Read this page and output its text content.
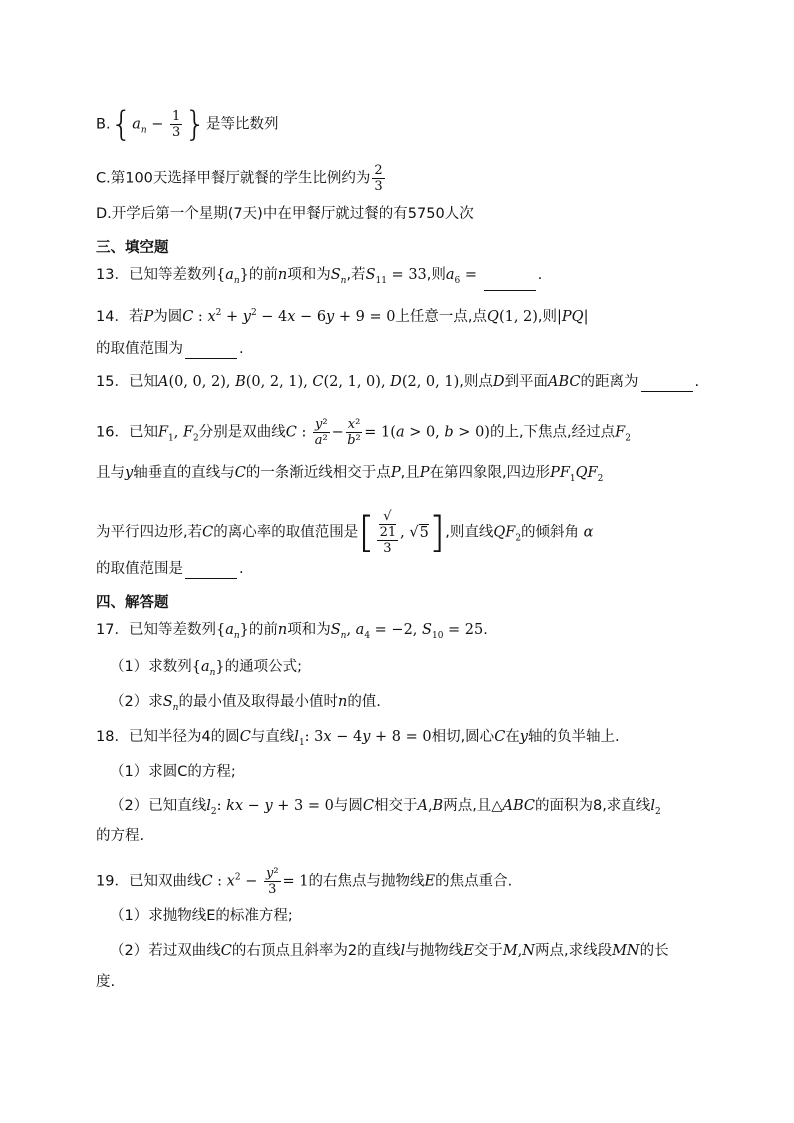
$B.\{a_n - \frac{1}{3}$ }是等比数列
C.第100天选择甲餐厅就餐的学生比例约为 $\frac{2}{3}$
D.开学后第一个星期(7天)中在甲餐厅就过餐的有5750人次
三、填空题
13．已知等差数列$\{a_n\}$的前n项和为$S_n$,若$S_{11} = 33$,则$a_6$ =	.
14．若P为圆C : $x^2 + y^2 - 4x - 6y + 9 = 0$上任意一点,点Q(1, 2),则|PQ|
的取值范围为	.
15．已知A(0, 0, 2), B(0, 2, 1), C(2, 1, 0), D(2, 0, 1),则点D到平面ABC的距离为	.
16．已知$F_1$, $F_2$分别是双曲线C : $\frac{\text{y²}}{\text{a²}} - \frac{\text{x²}}{\text{b²}} = 1(a > 0$, b > 0)的上,下焦点,经过点$F_2$
且与y轴垂直的直线与C的一条渐近线相交于点P,且P在第四象限,四边形$PF_1QF_2$
为平行四边形,若C的离心率的取值范围是[ √
21
3 , √5],则直线$QF_2$的倾斜角 α
的取值范围是	.
四、解答题
17．已知等差数列$\{a_n\}$的前n项和为$S_n$, $a_4 = -2$, $S_{10} = 25$.
（1）求数列$\{a_n\}$的通项公式;
（2）求$S_n$的最小值及取得最小值时n的值.
18．已知半径为4的圆C与直线$l_1$: 3x − 4y + 8 = 0相切,圆心C在y轴的负半轴上.
（1）求圆C的方程;
（2）已知直线$l_2$: kx − y + 3 = 0与圆C相交于A,B两点,且△ABC的面积为8,求直线$l_2$
的方程.
19．已知双曲线C : $x^2 - \frac{\text{y²}}{3} = 1$的右焦点与抛物线E的焦点重合.
（1）求抛物线E的标准方程;
（2）若过双曲线C的右顶点且斜率为2的直线l与抛物线E交于M,N两点,求线段MN的长
度.
